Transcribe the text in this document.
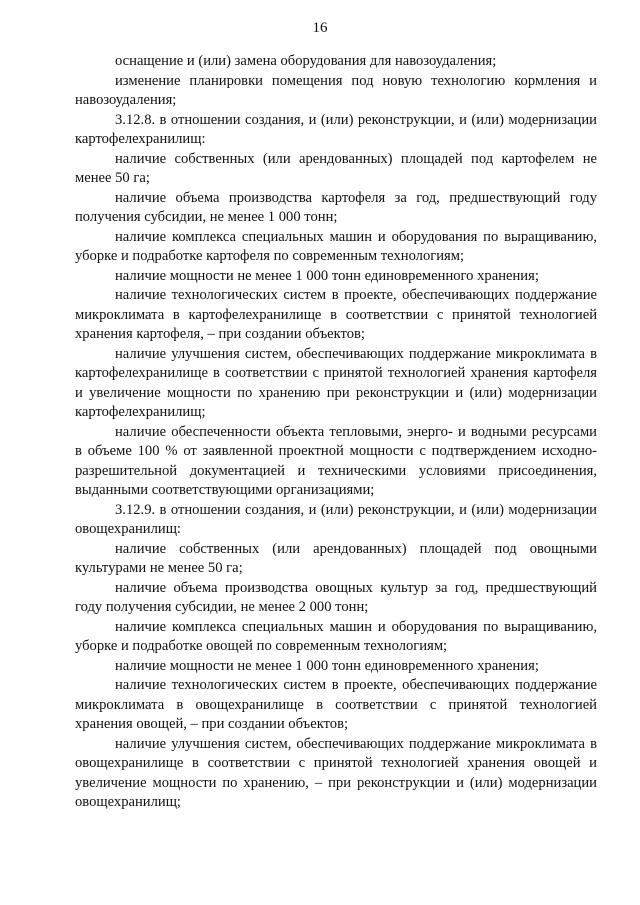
16

оснащение и (или) замена оборудования для навозоудаления;

изменение планировки помещения под новую технологию кормления и навозоудаления;

3.12.8. в отношении создания, и (или) реконструкции, и (или) модернизации картофелехранилищ:

наличие собственных (или арендованных) площадей под картофелем не менее 50 га;

наличие объема производства картофеля за год, предшествующий году получения субсидии, не менее 1 000 тонн;

наличие комплекса специальных машин и оборудования по выращиванию, уборке и подработке картофеля по современным технологиям;

наличие мощности не менее 1 000 тонн единовременного хранения;

наличие технологических систем в проекте, обеспечивающих поддержание микроклимата в картофелехранилище в соответствии с принятой технологией хранения картофеля, – при создании объектов;

наличие улучшения систем, обеспечивающих поддержание микроклимата в картофелехранилище в соответствии с принятой технологией хранения картофеля и увеличение мощности по хранению при реконструкции и (или) модернизации картофелехранилищ;

наличие обеспеченности объекта тепловыми, энерго- и водными ресурсами в объеме 100 % от заявленной проектной мощности с подтверждением исходно-разрешительной документацией и техническими условиями присоединения, выданными соответствующими организациями;

3.12.9. в отношении создания, и (или) реконструкции, и (или) модернизации овощехранилищ:

наличие собственных (или арендованных) площадей под овощными культурами не менее 50 га;

наличие объема производства овощных культур за год, предшествующий году получения субсидии, не менее 2 000 тонн;

наличие комплекса специальных машин и оборудования по выращиванию, уборке и подработке овощей по современным технологиям;

наличие мощности не менее 1 000 тонн единовременного хранения;

наличие технологических систем в проекте, обеспечивающих поддержание микроклимата в овощехранилище в соответствии с принятой технологией хранения овощей, – при создании объектов;

наличие улучшения систем, обеспечивающих поддержание микроклимата в овощехранилище в соответствии с принятой технологией хранения овощей и увеличение мощности по хранению, – при реконструкции и (или) модернизации овощехранилищ;
